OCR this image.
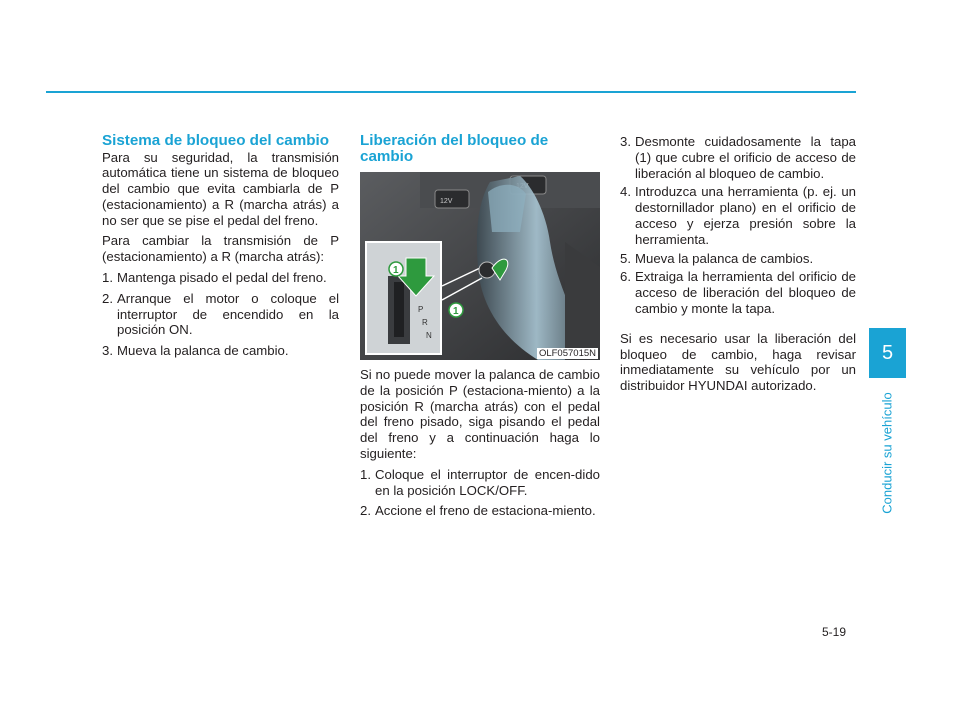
Sistema de bloqueo del cambio

Para su seguridad, la transmisión automática tiene un sistema de bloqueo del cambio que evita cambiarla de P (estacionamiento) a R (marcha atrás) a no ser que se pise el pedal del freno.

Para cambiar la transmisión de P (estacionamiento) a R (marcha atrás):

1. Mantenga pisado el pedal del freno.
2. Arranque el motor o coloque el interruptor de encendido en la posición ON.
3. Mueva la palanca de cambio.
Liberación del bloqueo de cambio
12V
P
R
N
1
1
OLF057015N

Si no puede mover la palanca de cambio de la posición P (estaciona-miento) a la posición R (marcha atrás) con el pedal del freno pisado, siga pisando el pedal del freno y a continuación haga lo siguiente:

1. Coloque el interruptor de encen-dido en la posición LOCK/OFF.
2. Accione el freno de estaciona-miento.
3. Desmonte cuidadosamente la tapa (1) que cubre el orificio de acceso de liberación al bloqueo de cambio.
4. Introduzca una herramienta (p. ej. un destornillador plano) en el orificio de acceso y ejerza presión sobre la herramienta.
5. Mueva la palanca de cambios.
6. Extraiga la herramienta del orificio de acceso de liberación del bloqueo de cambio y monte la tapa.

Si es necesario usar la liberación del bloqueo de cambio, haga revisar inmediatamente su vehículo por un distribuidor HYUNDAI autorizado.

5
Conducir su vehículo
5-19
